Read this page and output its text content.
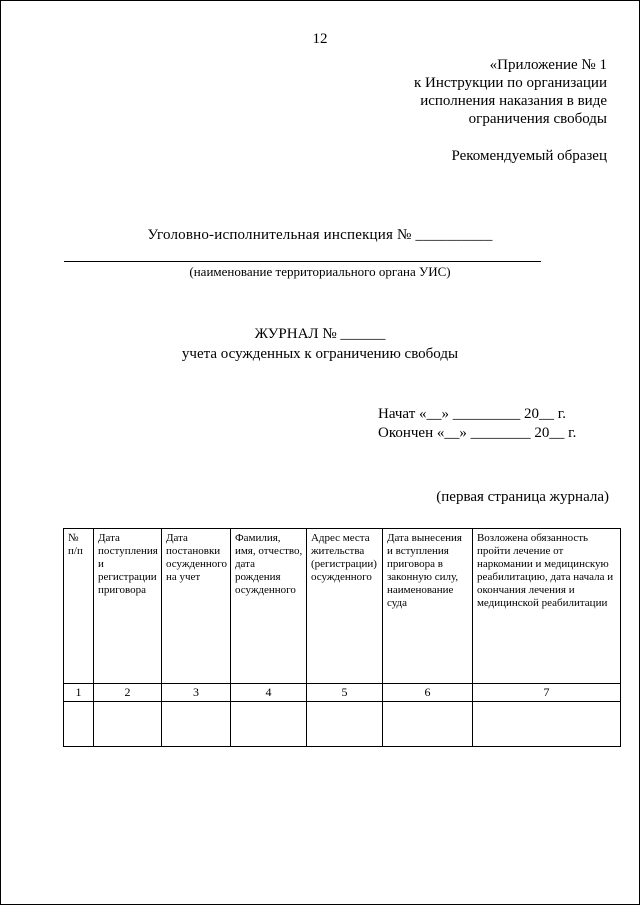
12
«Приложение № 1
к Инструкции по организации
исполнения наказания в виде
ограничения свободы
Рекомендуемый образец
Уголовно-исполнительная инспекция № __________
(наименование территориального органа УИС)
ЖУРНАЛ № ______
учета осужденных к ограничению свободы
Начат «__» _________ 20__ г.
Окончен «__» ________ 20__ г.
(первая страница журнала)
№ п/п	Дата поступления и регистрации приговора	Дата постановки осужденного на учет	Фамилия, имя, отчество, дата рождения осужденного	Адрес места жительства (регистрации) осужденного	Дата вынесения и вступления приговора в законную силу, наименование суда	Возложена обязанность пройти лечение от наркомании и медицинскую реабилитацию, дата начала и окончания лечения и медицинской реабилитации
1	2	3	4	5	6	7
